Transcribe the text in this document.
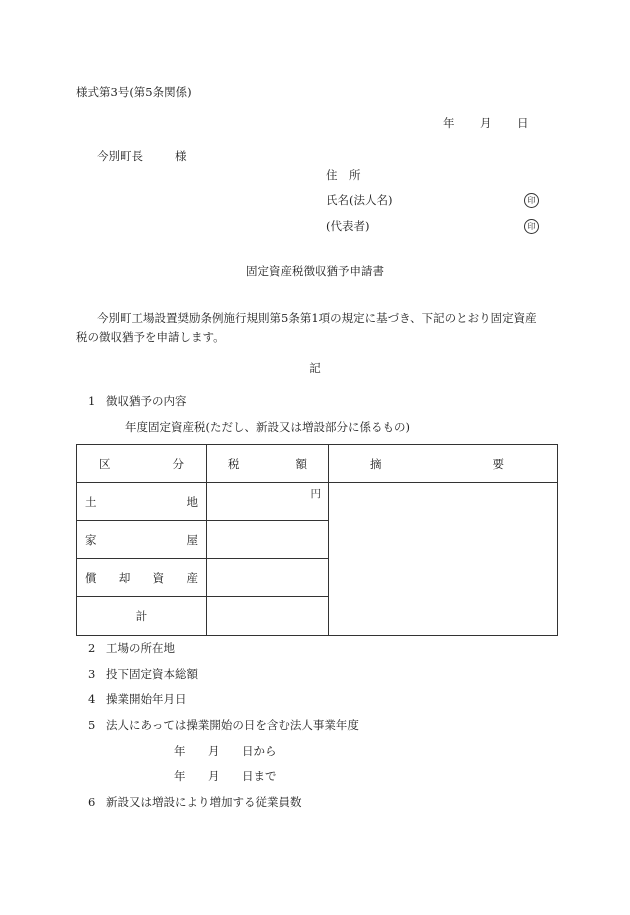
様式第3号(第5条関係)
年 月 日
今別町長	様
住　所
氏名(法人名)	印
(代表者)	印
固定資産税徴収猶予申請書
今別町工場設置奨励条例施行規則第5条第1項の規定に基づき、下記のとおり固定資産
税の徴収猶予を申請します。
記
1 徴収猶予の内容
年度固定資産税(ただし、新設又は増設部分に係るもの)
区 分	税 額	摘 要

土 地	円	

家 屋		

償 却 資 産		

計		
2 工場の所在地
3 投下固定資本総額
4 操業開始年月日
5 法人にあっては操業開始の日を含む法人事業年度
年 月 日から
年 月 日まで
6 新設又は増設により増加する従業員数
